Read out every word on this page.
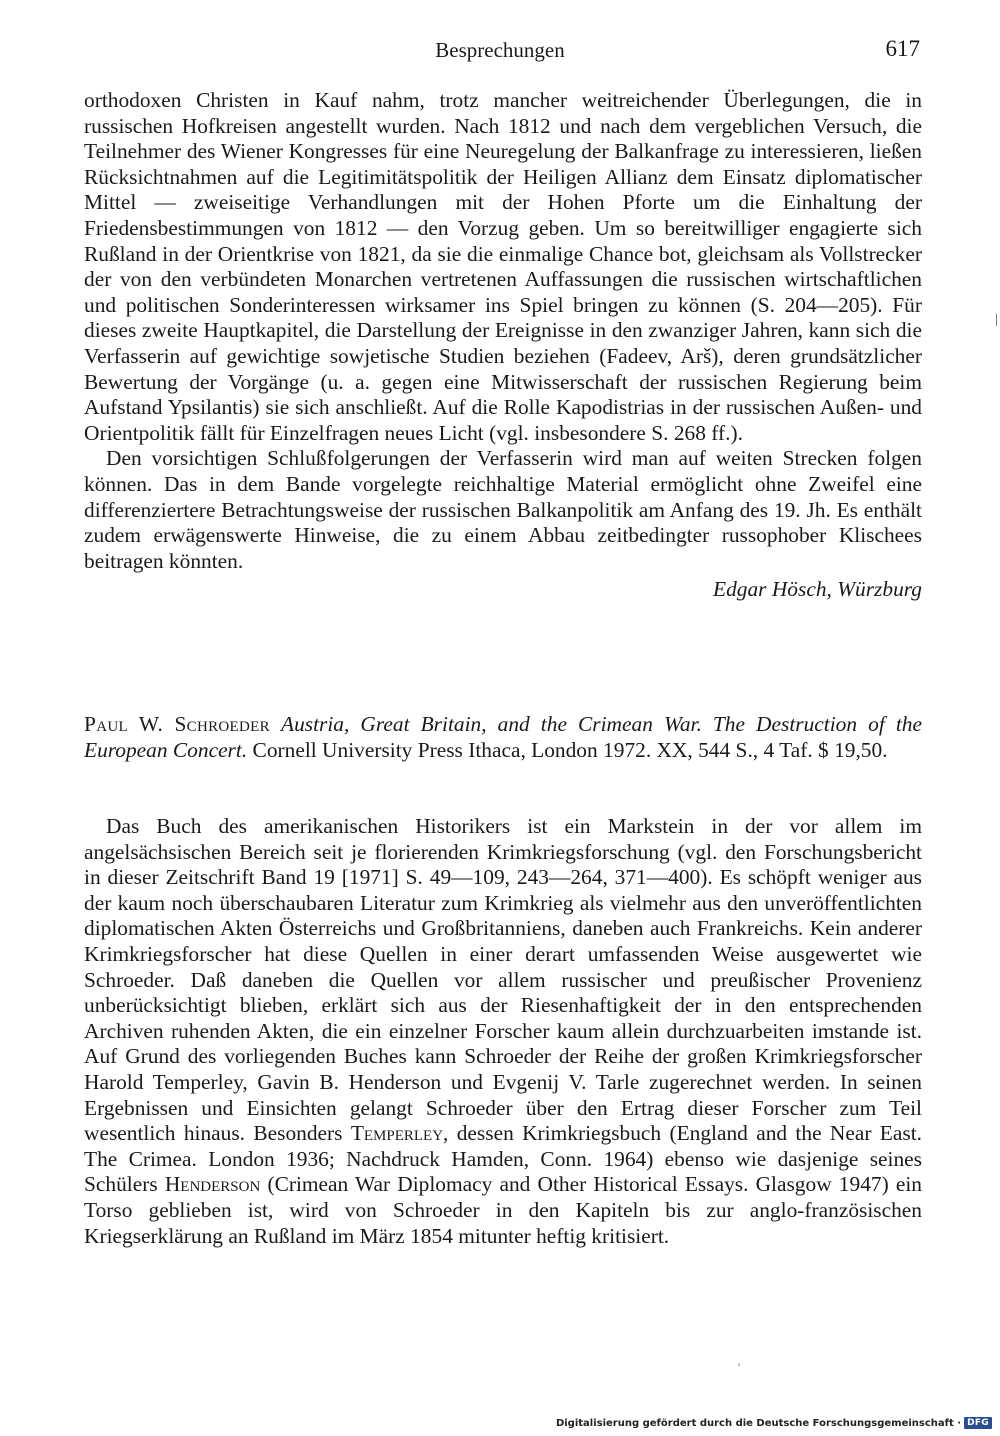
Besprechungen	617

orthodoxen Christen in Kauf nahm, trotz mancher weitreichender Überlegungen, die in russischen Hofkreisen angestellt wurden. Nach 1812 und nach dem vergeblichen Versuch, die Teilnehmer des Wiener Kongresses für eine Neuregelung der Balkanfrage zu interessieren, ließen Rücksichtnahmen auf die Legitimitätspolitik der Heiligen Allianz dem Einsatz diplomatischer Mittel — zweiseitige Verhandlungen mit der Hohen Pforte um die Einhaltung der Friedensbestimmungen von 1812 — den Vorzug geben. Um so bereitwilliger engagierte sich Rußland in der Orientkrise von 1821, da sie die einmalige Chance bot, gleichsam als Vollstrecker der von den verbündeten Monarchen vertretenen Auffassungen die russischen wirtschaftlichen und politischen Sonderinteressen wirksamer ins Spiel bringen zu können (S. 204—205). Für dieses zweite Hauptkapitel, die Darstellung der Ereignisse in den zwanziger Jahren, kann sich die Verfasserin auf gewichtige sowjetische Studien beziehen (Fadeev, Arš), deren grundsätzlicher Bewertung der Vorgänge (u. a. gegen eine Mitwisserschaft der russischen Regierung beim Aufstand Ypsilantis) sie sich anschließt. Auf die Rolle Kapodistrias in der russischen Außen- und Orientpolitik fällt für Einzelfragen neues Licht (vgl. insbesondere S. 268 ff.).

Den vorsichtigen Schlußfolgerungen der Verfasserin wird man auf weiten Strecken folgen können. Das in dem Bande vorgelegte reichhaltige Material ermöglicht ohne Zweifel eine differenziertere Betrachtungsweise der russischen Balkanpolitik am Anfang des 19. Jh. Es enthält zudem erwägenswerte Hinweise, die zu einem Abbau zeitbedingter russophober Klischees beitragen könnten.

Edgar Hösch, Würzburg
Paul W. Schroeder Austria, Great Britain, and the Crimean War. The Destruction of the European Concert. Cornell University Press Ithaca, London 1972. XX, 544 S., 4 Taf. $ 19,50.

Das Buch des amerikanischen Historikers ist ein Markstein in der vor allem im angelsächsischen Bereich seit je florierenden Krimkriegsforschung (vgl. den Forschungsbericht in dieser Zeitschrift Band 19 [1971] S. 49—109, 243—264, 371—400). Es schöpft weniger aus der kaum noch überschaubaren Literatur zum Krimkrieg als vielmehr aus den unveröffentlichten diplomatischen Akten Österreichs und Großbritanniens, daneben auch Frankreichs. Kein anderer Krimkriegsforscher hat diese Quellen in einer derart umfassenden Weise ausgewertet wie Schroeder. Daß daneben die Quellen vor allem russischer und preußischer Provenienz unberücksichtigt blieben, erklärt sich aus der Riesenhaftigkeit der in den entsprechenden Archiven ruhenden Akten, die ein einzelner Forscher kaum allein durchzuarbeiten imstande ist. Auf Grund des vorliegenden Buches kann Schroeder der Reihe der großen Krimkriegsforscher Harold Temperley, Gavin B. Henderson und Evgenij V. Tarle zugerechnet werden. In seinen Ergebnissen und Einsichten gelangt Schroeder über den Ertrag dieser Forscher zum Teil wesentlich hinaus. Besonders Temperley, dessen Krimkriegsbuch (England and the Near East. The Crimea. London 1936; Nachdruck Hamden, Conn. 1964) ebenso wie dasjenige seines Schülers Henderson (Crimean War Diplomacy and Other Historical Essays. Glasgow 1947) ein Torso geblieben ist, wird von Schroeder in den Kapiteln bis zur anglo-französischen Kriegserklärung an Rußland im März 1854 mitunter heftig kritisiert.

|
'
Digitalisierung gefördert durch die Deutsche Forschungsgemeinschaft · DFG
